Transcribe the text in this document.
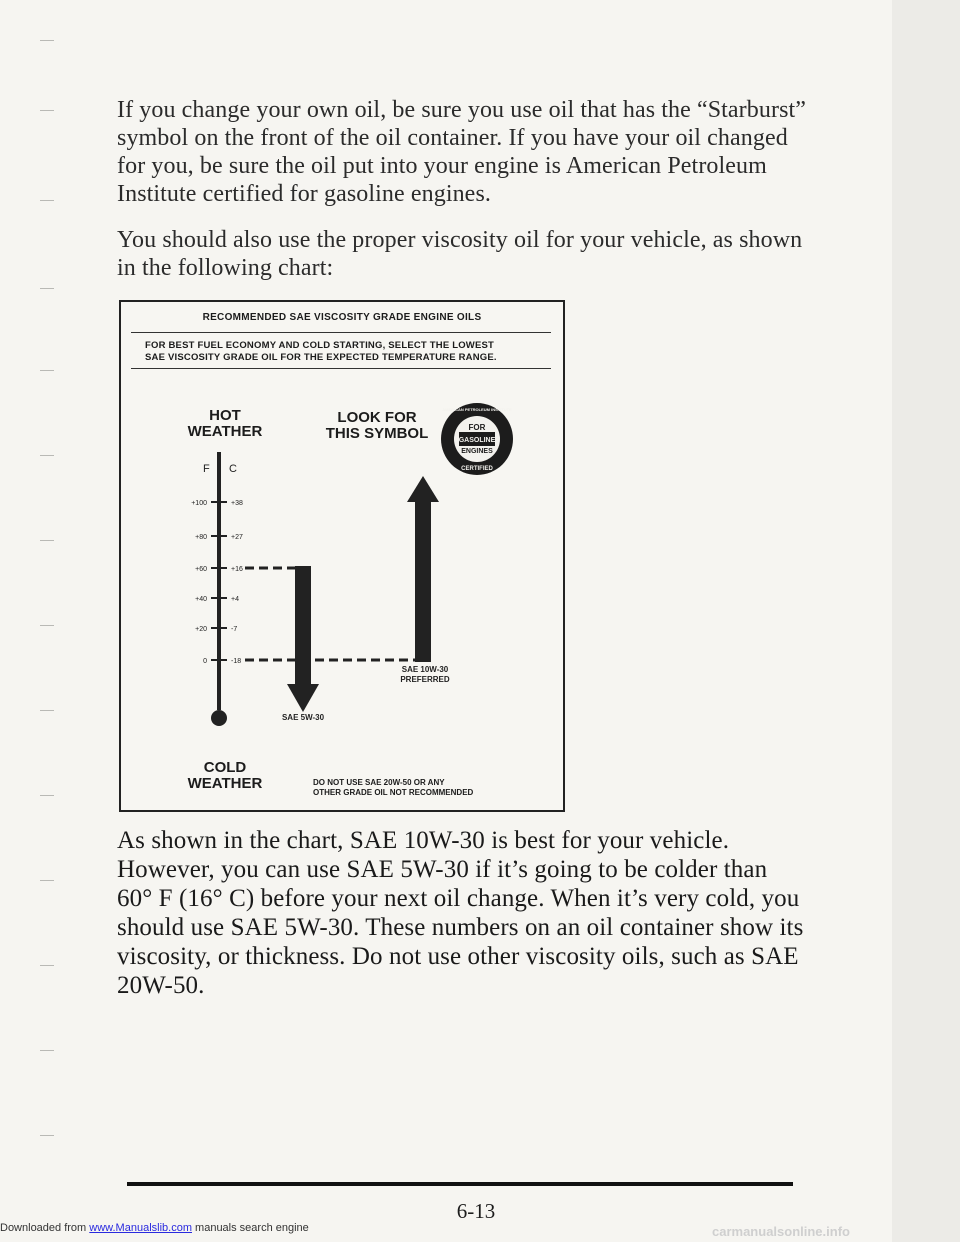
If you change your own oil, be sure you use oil that has the “Starburst” symbol on the front of the oil container. If you have your oil changed for you, be sure the oil put into your engine is American Petroleum Institute certified for gasoline engines.

You should also use the proper viscosity oil for your vehicle, as shown in the following chart:

RECOMMENDED SAE VISCOSITY GRADE ENGINE OILS

FOR BEST FUEL ECONOMY AND COLD STARTING, SELECT THE LOWEST
SAE VISCOSITY GRADE OIL FOR THE EXPECTED TEMPERATURE RANGE.

HOT
WEATHER
LOOK FOR
THIS SYMBOL
F C
+100	+38
+80	+27
+60	+16
+40	+4
+20	-7
0	-18
SAE 10W-30
PREFERRED
SAE 5W-30
AMERICAN PETROLEUM INSTITUTE
FOR
GASOLINE
ENGINES
CERTIFIED
COLD
WEATHER	DO NOT USE SAE 20W-50 OR ANY
OTHER GRADE OIL NOT RECOMMENDED

As shown in the chart, SAE 10W-30 is best for your vehicle. However, you can use SAE 5W-30 if it’s going to be colder than 60° F (16° C) before your next oil change. When it’s very cold, you should use SAE 5W-30. These numbers on an oil container show its viscosity, or thickness. Do not use other viscosity oils, such as SAE 20W-50.

6-13
Downloaded from www.Manualslib.com manuals search engine	carmanualsonline.info
